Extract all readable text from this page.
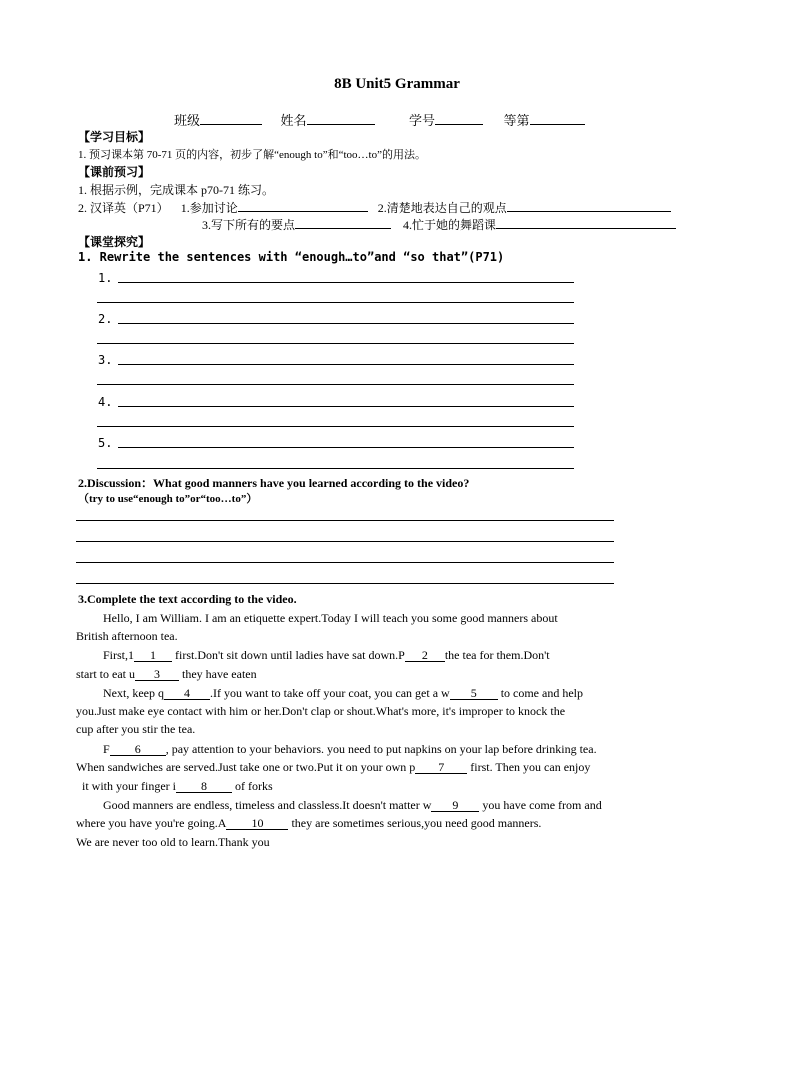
8B Unit5 Grammar
班级	姓名	学号	等第
【学习目标】
1. 预习课本第 70-71 页的内容，初步了解“enough to”和“too…to”的用法。
【课前预习】
1. 根据示例，完成课本 p70-71 练习。
2. 汉译英（P71） 1.参加讨论	2.清楚地表达自己的观点
3.写下所有的要点	4.忙于她的舞蹈课
【课堂探究】
1. Rewrite the sentences with “enough…to”and “so that”(P71)
1.
2.
3.
4.
5.
2.Discussion：What good manners have you learned according to the video?
（try to use“enough to”or“too…to”）
3.Complete the text according to the video.
Hello, I am William. I am an etiquette expert.Today I will teach you some good manners about
British afternoon tea.
First,1 1 first.Don't sit down until ladies have sat down.P 2 the tea for them.Don't
start to eat u 3 they have eaten
Next, keep q 4 .If you want to take off your coat, you can get a w 5 to come and help
you.Just make eye contact with him or her.Don't clap or shout.What's more, it's improper to knock the
cup after you stir the tea.
F 6 , pay attention to your behaviors. you need to put napkins on your lap before drinking tea.
When sandwiches are served.Just take one or two.Put it on your own p 7 first. Then you can enjoy
it with your finger i 8 of forks
Good manners are endless, timeless and classless.It doesn't matter w 9 you have come from and
where you have you're going.A 10 they are sometimes serious,you need good manners.
We are never too old to learn.Thank you
